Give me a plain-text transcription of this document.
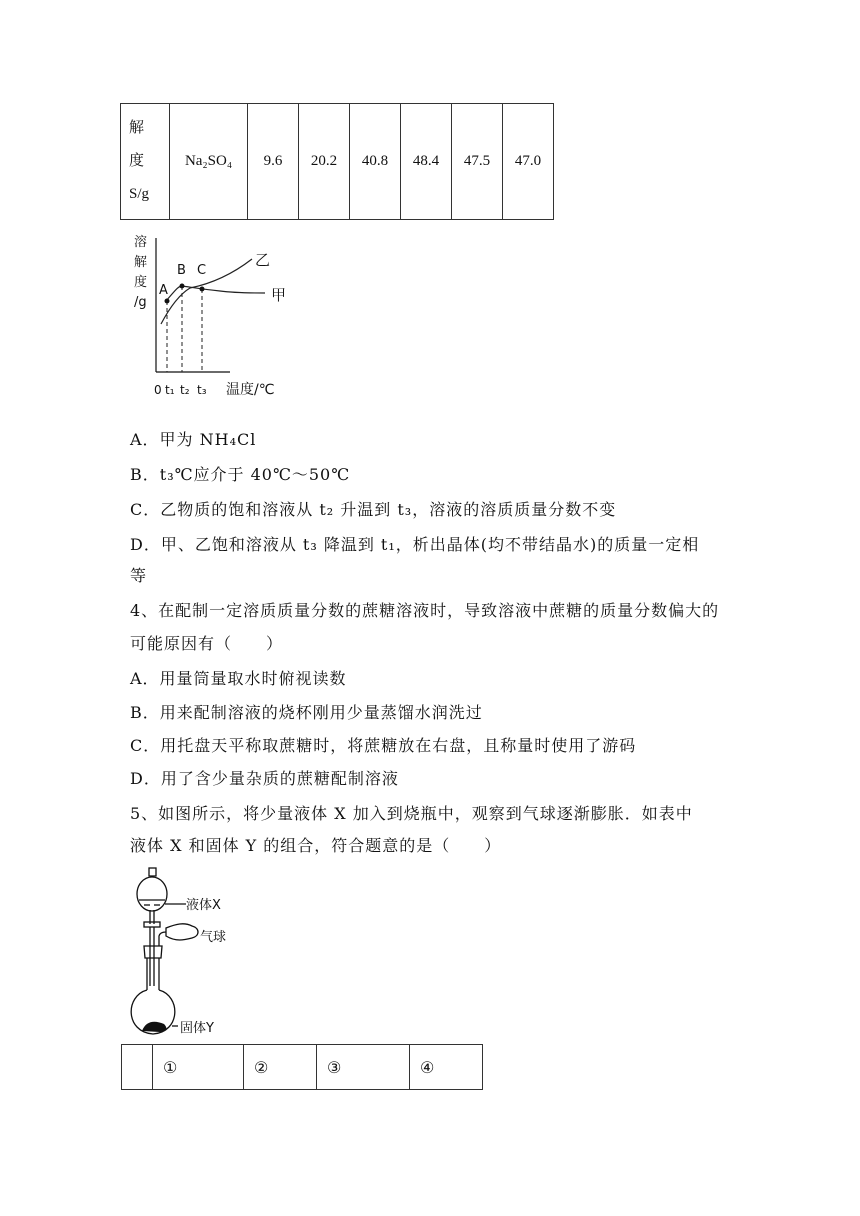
解
度
S/g
	Na₂SO₄	9.6	20.2	40.8	48.4	47.5	47.0
溶
解
度
/g
A
B C
乙
甲
0 t₁ t₂ t₃ 温度/℃
A．甲为 NH₄Cl
B．t₃℃应介于 40℃～50℃
C．乙物质的饱和溶液从 t₂ 升温到 t₃，溶液的溶质质量分数不变
D．甲、乙饱和溶液从 t₃ 降温到 t₁，析出晶体(均不带结晶水)的质量一定相
等
4、在配制一定溶质质量分数的蔗糖溶液时，导致溶液中蔗糖的质量分数偏大的
可能原因有（　　）
A．用量筒量取水时俯视读数
B．用来配制溶液的烧杯刚用少量蒸馏水润洗过
C．用托盘天平称取蔗糖时，将蔗糖放在右盘，且称量时使用了游码
D．用了含少量杂质的蔗糖配制溶液
5、如图所示，将少量液体 X 加入到烧瓶中，观察到气球逐渐膨胀．如表中
液体 X 和固体 Y 的组合，符合题意的是（　　）
液体X
气球
固体Y
	①	②	③	④
